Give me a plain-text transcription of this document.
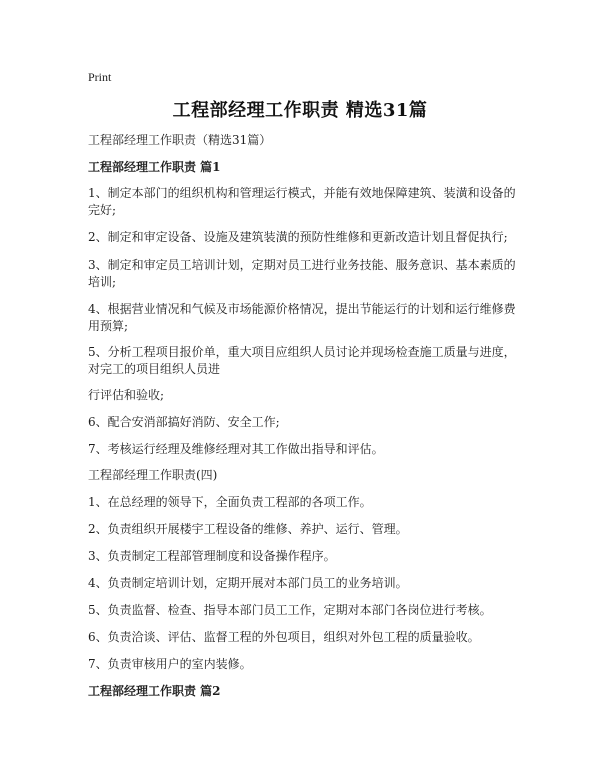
Print
工程部经理工作职责 精选31篇

工程部经理工作职责（精选31篇）

工程部经理工作职责 篇1

1、制定本部门的组织机构和管理运行模式，并能有效地保障建筑、装潢和设备的

完好;

2、制定和审定设备、设施及建筑装潢的预防性维修和更新改造计划且督促执行;

3、制定和审定员工培训计划，定期对员工进行业务技能、服务意识、基本素质的

培训;

4、根据营业情况和气候及市场能源价格情况，提出节能运行的计划和运行维修费

用预算;

5、分析工程项目报价单，重大项目应组织人员讨论并现场检查施工质量与进度，

对完工的项目组织人员进

行评估和验收;

6、配合安消部搞好消防、安全工作;

7、考核运行经理及维修经理对其工作做出指导和评估。

工程部经理工作职责(四)

1、在总经理的领导下，全面负责工程部的各项工作。

2、负责组织开展楼宇工程设备的维修、养护、运行、管理。

3、负责制定工程部管理制度和设备操作程序。

4、负责制定培训计划，定期开展对本部门员工的业务培训。

5、负责监督、检查、指导本部门员工工作，定期对本部门各岗位进行考核。

6、负责洽谈、评估、监督工程的外包项目，组织对外包工程的质量验收。

7、负责审核用户的室内装修。

工程部经理工作职责 篇2
